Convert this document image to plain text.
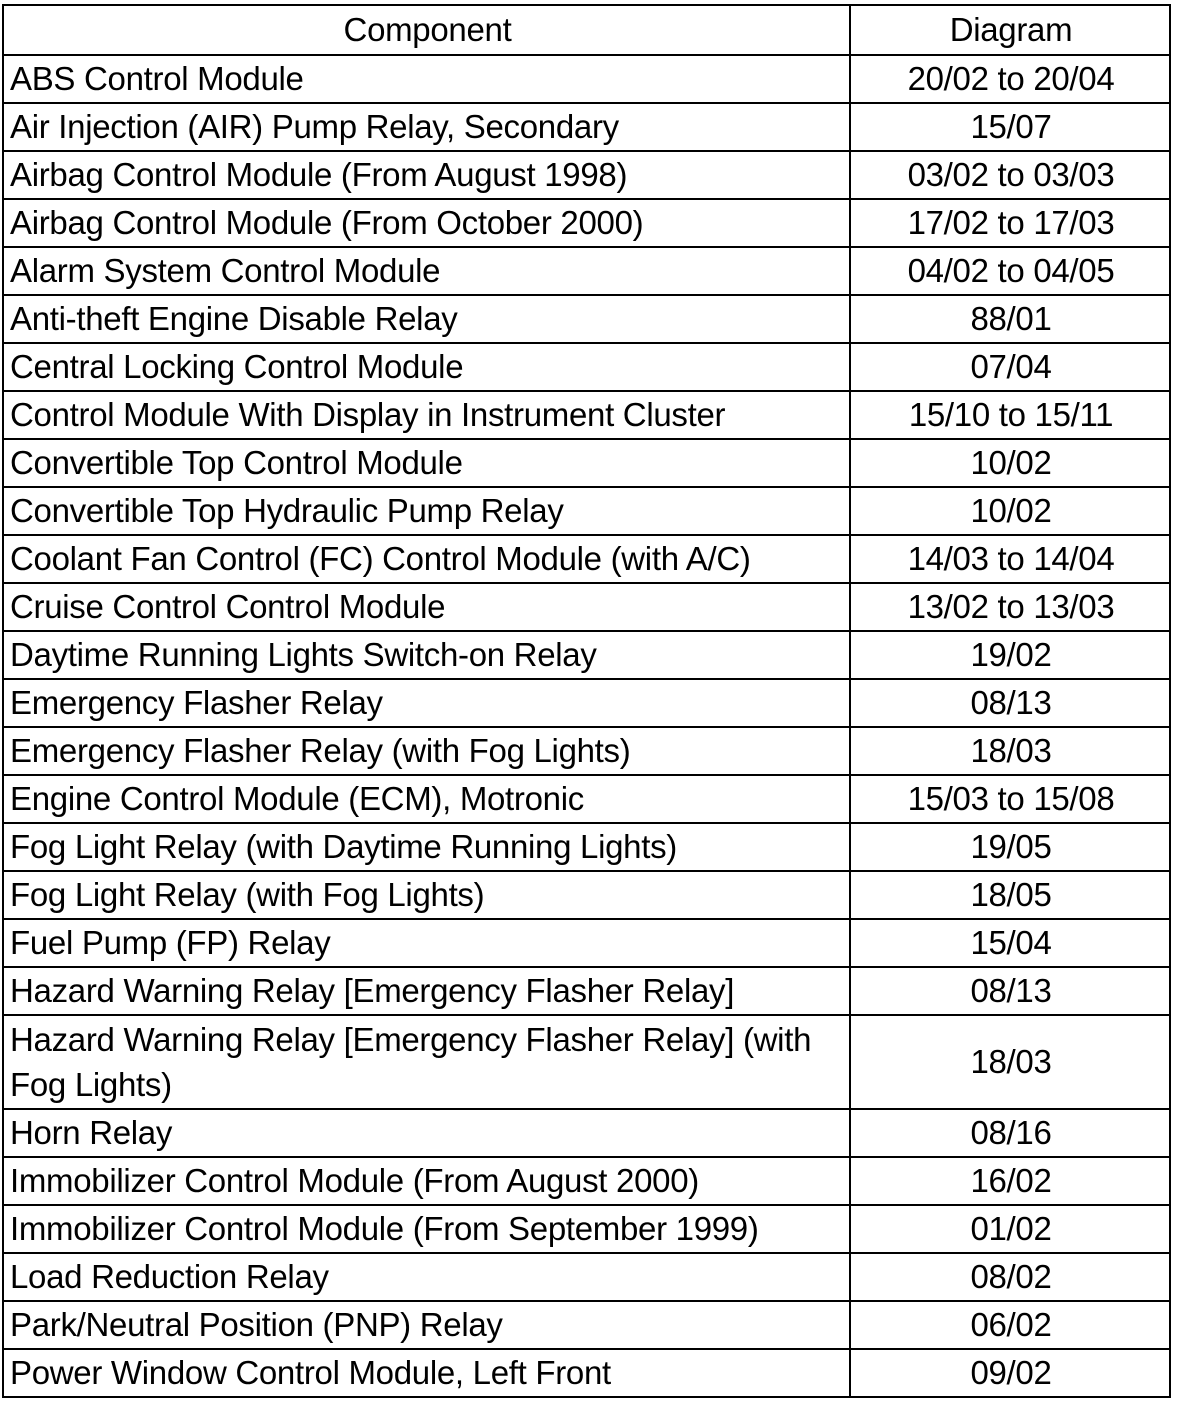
Component	Diagram
ABS Control Module	20/02 to 20/04
Air Injection (AIR) Pump Relay, Secondary	15/07
Airbag Control Module (From August 1998)	03/02 to 03/03
Airbag Control Module (From October 2000)	17/02 to 17/03
Alarm System Control Module	04/02 to 04/05
Anti-theft Engine Disable Relay	88/01
Central Locking Control Module	07/04
Control Module With Display in Instrument Cluster	15/10 to 15/11
Convertible Top Control Module	10/02
Convertible Top Hydraulic Pump Relay	10/02
Coolant Fan Control (FC) Control Module (with A/C)	14/03 to 14/04
Cruise Control Control Module	13/02 to 13/03
Daytime Running Lights Switch-on Relay	19/02
Emergency Flasher Relay	08/13
Emergency Flasher Relay (with Fog Lights)	18/03
Engine Control Module (ECM), Motronic	15/03 to 15/08
Fog Light Relay (with Daytime Running Lights)	19/05
Fog Light Relay (with Fog Lights)	18/05
Fuel Pump (FP) Relay	15/04
Hazard Warning Relay [Emergency Flasher Relay]	08/13
Hazard Warning Relay [Emergency Flasher Relay] (with Fog Lights)	18/03
Horn Relay	08/16
Immobilizer Control Module (From August 2000)	16/02
Immobilizer Control Module (From September 1999)	01/02
Load Reduction Relay	08/02
Park/Neutral Position (PNP) Relay	06/02
Power Window Control Module, Left Front	09/02
